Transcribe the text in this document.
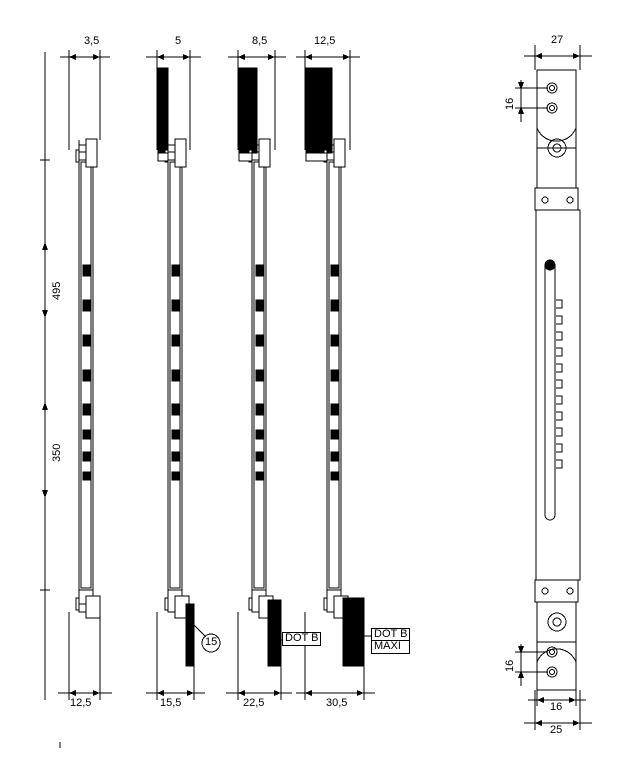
3,5	5	8,5	12,5	27
12,5	15,5	22,5	30,5	16
25
495
350
16
16
15	DOT B	DOT B
MAXI
